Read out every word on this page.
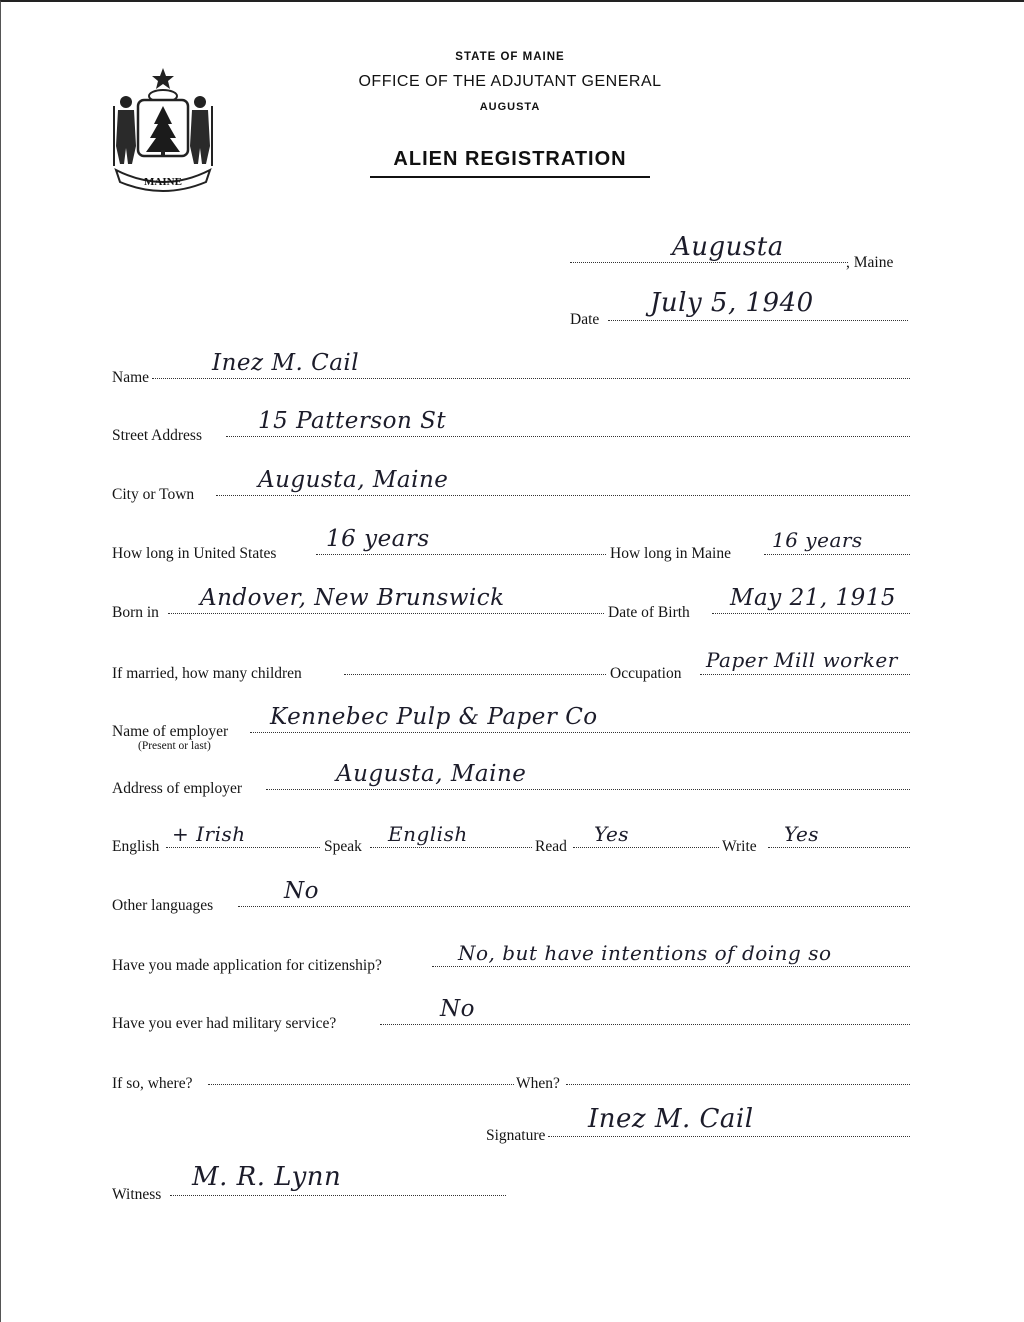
MAINE
STATE OF MAINE
OFFICE OF THE ADJUTANT GENERAL
AUGUSTA
ALIEN REGISTRATION
Augusta
, Maine
Date
July 5, 1940
Name
Inez M. Cail
Street Address
15 Patterson St
City or Town
Augusta, Maine
How long in United States
16 years
How long in Maine
16 years
Born in
Andover, New Brunswick
Date of Birth
May 21, 1915
If married, how many children	Occupation
Paper Mill worker
Name of employer
(Present or last)
Kennebec Pulp & Paper Co
Address of employer
Augusta, Maine
English
+ Irish
Speak
English
Read
Yes
Write
Yes
Other languages
No
Have you made application for citizenship?
No, but have intentions of doing so
Have you ever had military service?
No
If so, where?	When?
Signature
Inez M. Cail
Witness
M. R. Lynn
